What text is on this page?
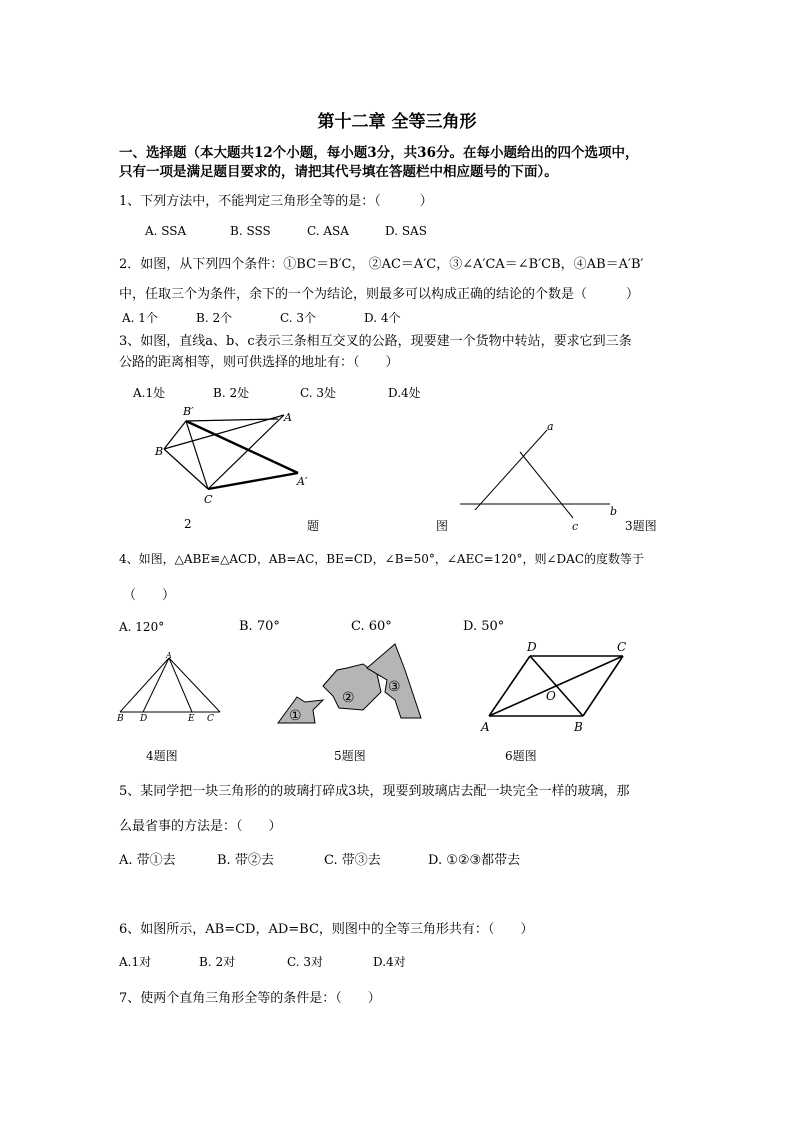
第十二章 全等三角形
一、选择题（本大题共12个小题，每小题3分，共36分。在每小题给出的四个选项中，
只有一项是满足题目要求的，请把其代号填在答题栏中相应题号的下面）。
1、下列方法中，不能判定三角形全等的是：（　　　）
A. SSA	B. SSS	C. ASA	D. SAS
2．如图，从下列四个条件：①BC＝B′C， ②AC＝A′C，③∠A′CA＝∠B′CB，④AB＝A′B′
中，任取三个为条件，余下的一个为结论，则最多可以构成正确的结论的个数是（　　　）
A. 1个	B. 2个	C. 3个	D. 4个
3、如图，直线a、b、c表示三条相互交叉的公路，现要建一个货物中转站，要求它到三条
公路的距离相等，则可供选择的地址有：（　　）
A.1处	B. 2处	C. 3处	D.4处
B′	A
B
C
A′
a
b
c
2	题	图	3题图
4、如图，△ABE≌△ACD，AB=AC，BE=CD，∠B=50°，∠AEC=120°，则∠DAC的度数等于
（　　）
A. 120°	B. 70°	C. 60°	D. 50°
A
B D	E C	①
②
③
D	C
O
A	B
4题图	5题图	6题图
5、某同学把一块三角形的的玻璃打碎成3块，现要到玻璃店去配一块完全一样的玻璃，那
么最省事的方法是：（　　）
A. 带①去	B. 带②去	C. 带③去	D. ①②③都带去
6、如图所示，AB=CD，AD=BC，则图中的全等三角形共有：（　　）
A.1对	B. 2对	C. 3对	D.4对
7、使两个直角三角形全等的条件是：（　　）
